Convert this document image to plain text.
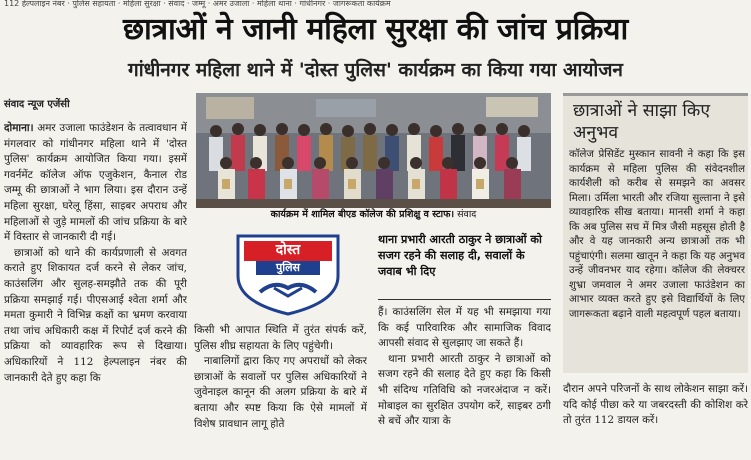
112 हेल्पलाइन नंबर · पुलिस सहायता · महिला सुरक्षा · संवाद · जम्मू · अमर उजाला · महिला थाना · गांधीनगर · जागरूकता कार्यक्रम
छात्राओं ने जानी महिला सुरक्षा की जांच प्रक्रिया
गांधीनगर महिला थाने में 'दोस्त पुलिस' कार्यक्रम का किया गया आयोजन
संवाद न्यूज एजेंसी

दोमाना। अमर उजाला फाउंडेशन के तत्वावधान में मंगलवार को गांधीनगर महिला थाने में 'दोस्त पुलिस' कार्यक्रम आयोजित किया गया। इसमें गवर्नमेंट कॉलेज ऑफ एजुकेशन, कैनाल रोड जम्मू की छात्राओं ने भाग लिया। इस दौरान उन्हें महिला सुरक्षा, घरेलू हिंसा, साइबर अपराध और महिलाओं से जुड़े मामलों की जांच प्रक्रिया के बारे में विस्तार से जानकारी दी गई।

छात्राओं को थाने की कार्यप्रणाली से अवगत कराते हुए शिकायत दर्ज करने से लेकर जांच, काउंसलिंग और सुलह-समझौते तक की पूरी प्रक्रिया समझाई गई। पीएसआई श्वेता शर्मा और ममता कुमारी ने विभिन्न कक्षों का भ्रमण करवाया तथा जांच अधिकारी कक्ष में रिपोर्ट दर्ज करने की प्रक्रिया को व्यावहारिक रूप से दिखाया। अधिकारियों ने 112 हेल्पलाइन नंबर की जानकारी देते हुए कहा कि

कार्यक्रम में शामिल बीएड कॉलेज की प्रशिक्षु व स्टाफ। संवाद
दोस्त
पुलिस
थाना प्रभारी आरती ठाकुर ने छात्राओं को सजग रहने की सलाह दी, सवालों के जवाब भी दिए

किसी भी आपात स्थिति में तुरंत संपर्क करें, पुलिस शीघ्र सहायता के लिए पहुंचेगी।

नाबालिगों द्वारा किए गए अपराधों को लेकर छात्राओं के सवालों पर पुलिस अधिकारियों ने जुवेनाइल कानून की अलग प्रक्रिया के बारे में बताया और स्पष्ट किया कि ऐसे मामलों में विशेष प्रावधान लागू होते

हैं। काउंसलिंग सेल में यह भी समझाया गया कि कई पारिवारिक और सामाजिक विवाद आपसी संवाद से सुलझाए जा सकते हैं।

थाना प्रभारी आरती ठाकुर ने छात्राओं को सजग रहने की सलाह देते हुए कहा कि किसी भी संदिग्ध गतिविधि को नजरअंदाज न करें। मोबाइल का सुरक्षित उपयोग करें, साइबर ठगी से बचें और यात्रा के

छात्राओं ने साझा किए अनुभव
कॉलेज प्रेसिडेंट मुस्कान सावनी ने कहा कि इस कार्यक्रम से महिला पुलिस की संवेदनशील कार्यशैली को करीब से समझने का अवसर मिला। उर्मिला भारती और रजिया सुल्ताना ने इसे व्यावहारिक सीख बताया। मानसी शर्मा ने कहा कि अब पुलिस सच में मित्र जैसी महसूस होती है और वे यह जानकारी अन्य छात्राओं तक भी पहुंचाएंगी। सलमा खातून ने कहा कि यह अनुभव उन्हें जीवनभर याद रहेगा। कॉलेज की लेक्चरर शुभ्रा जमवाल ने अमर उजाला फाउंडेशन का आभार व्यक्त करते हुए इसे विद्यार्थियों के लिए जागरूकता बढ़ाने वाली महत्वपूर्ण पहल बताया।

दौरान अपने परिजनों के साथ लोकेशन साझा करें। यदि कोई पीछा करे या जबरदस्ती की कोशिश करे तो तुरंत 112 डायल करें।
